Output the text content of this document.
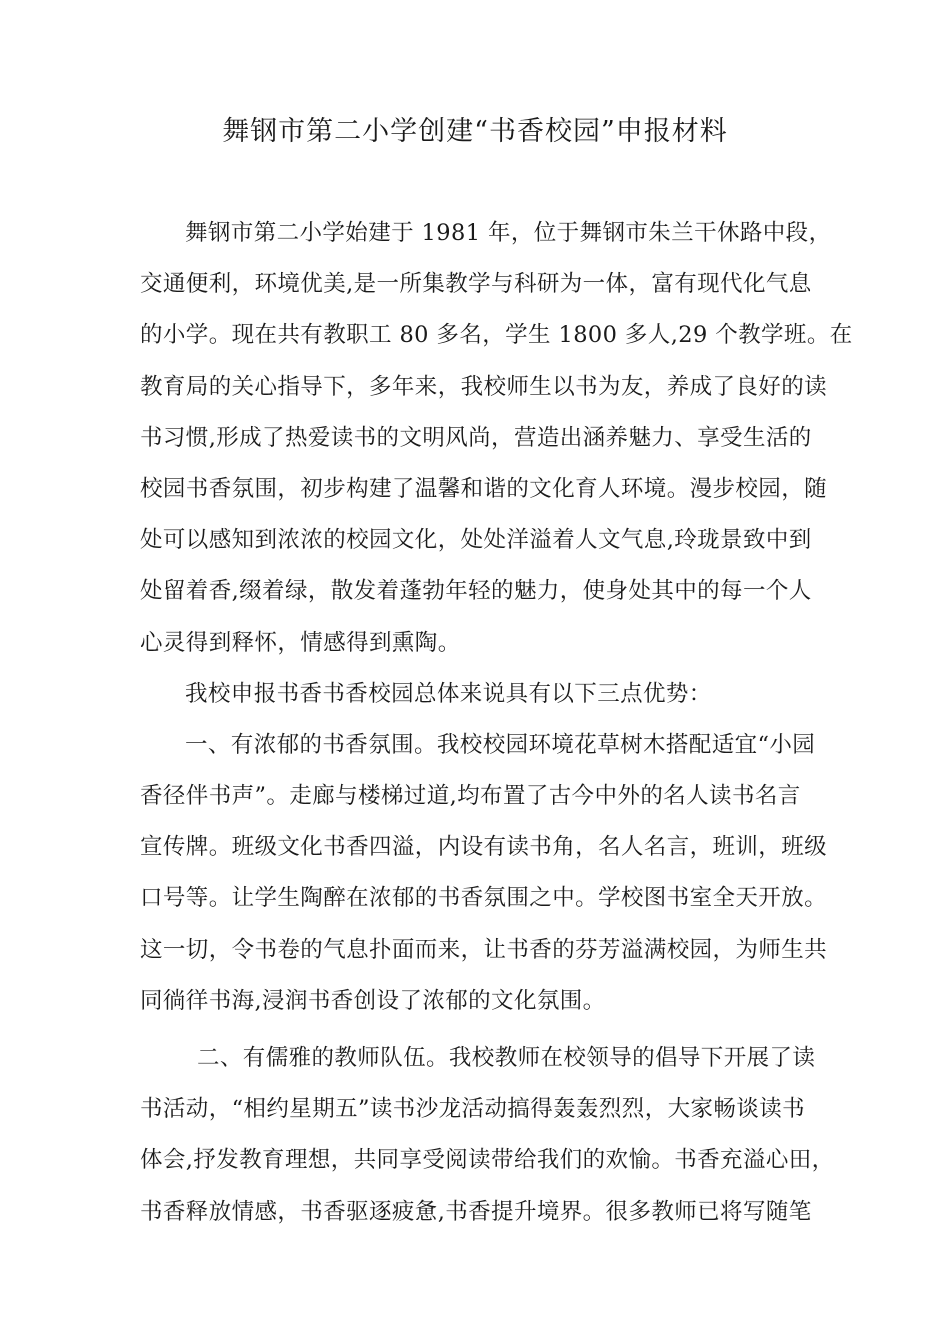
舞钢市第二小学创建“书香校园”申报材料
舞钢市第二小学始建于 1981 年，位于舞钢市朱兰干休路中段，
交通便利，环境优美,是一所集教学与科研为一体，富有现代化气息
的小学。现在共有教职工 80 多名，学生 1800 多人,29 个教学班。在
教育局的关心指导下，多年来，我校师生以书为友，养成了良好的读
书习惯,形成了热爱读书的文明风尚，营造出涵养魅力、享受生活的
校园书香氛围，初步构建了温馨和谐的文化育人环境。漫步校园，随
处可以感知到浓浓的校园文化，处处洋溢着人文气息,玲珑景致中到
处留着香,缀着绿，散发着蓬勃年轻的魅力，使身处其中的每一个人
心灵得到释怀，情感得到熏陶。
我校申报书香书香校园总体来说具有以下三点优势：
一、有浓郁的书香氛围。我校校园环境花草树木搭配适宜“小园
香径伴书声”。走廊与楼梯过道,均布置了古今中外的名人读书名言
宣传牌。班级文化书香四溢，内设有读书角，名人名言，班训，班级
口号等。让学生陶醉在浓郁的书香氛围之中。学校图书室全天开放。
这一切，令书卷的气息扑面而来，让书香的芬芳溢满校园，为师生共
同徜徉书海,浸润书香创设了浓郁的文化氛围。
二、有儒雅的教师队伍。我校教师在校领导的倡导下开展了读
书活动，“相约星期五”读书沙龙活动搞得轰轰烈烈，大家畅谈读书
体会,抒发教育理想，共同享受阅读带给我们的欢愉。书香充溢心田，
书香释放情感，书香驱逐疲惫,书香提升境界。很多教师已将写随笔
